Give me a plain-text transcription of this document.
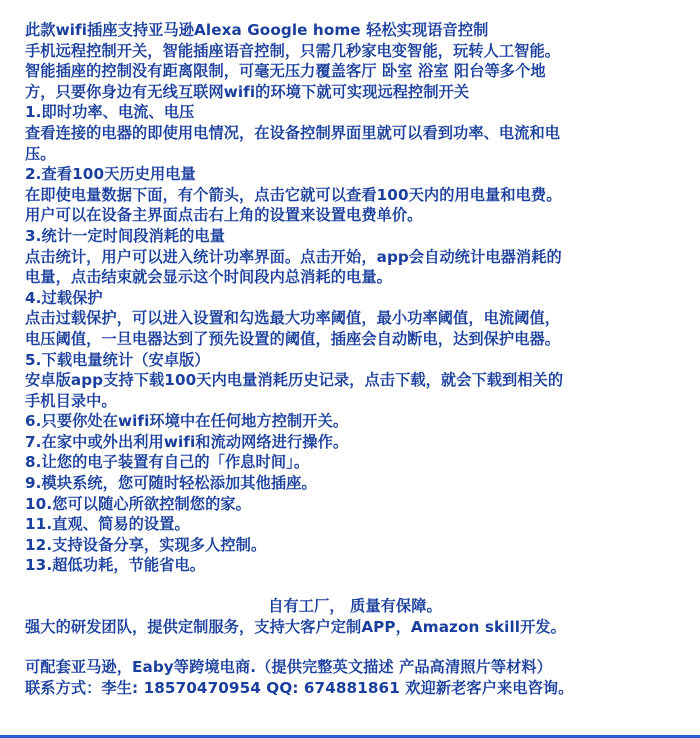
此款wifi插座支持亚马逊Alexa Google home 轻松实现语音控制
手机远程控制开关，智能插座语音控制，只需几秒家电变智能，玩转人工智能。
智能插座的控制没有距离限制，可毫无压力覆盖客厅 卧室 浴室 阳台等多个地
方，只要你身边有无线互联网wifi的环境下就可实现远程控制开关
1.即时功率、电流、电压
查看连接的电器的即使用电情况，在设备控制界面里就可以看到功率、电流和电
压。
2.查看100天历史用电量
在即使电量数据下面，有个箭头，点击它就可以查看100天内的用电量和电费。
用户可以在设备主界面点击右上角的设置来设置电费单价。
3.统计一定时间段消耗的电量
点击统计，用户可以进入统计功率界面。点击开始，app会自动统计电器消耗的
电量，点击结束就会显示这个时间段内总消耗的电量。
4.过载保护
点击过载保护，可以进入设置和勾选最大功率阈值，最小功率阈值，电流阈值，
电压阈值，一旦电器达到了预先设置的阈值，插座会自动断电，达到保护电器。
5.下载电量统计（安卓版）
安卓版app支持下载100天内电量消耗历史记录，点击下载，就会下载到相关的
手机目录中。
6.只要你处在wifi环境中在任何地方控制开关。
7.在家中或外出利用wifi和流动网络进行操作。
8.让您的电子装置有自己的「作息时间」。
9.模块系统，您可随时轻松添加其他插座。
10.您可以随心所欲控制您的家。
11.直观、简易的设置。
12.支持设备分享，实现多人控制。
13.超低功耗，节能省电。
自有工厂， 质量有保障。
强大的研发团队，提供定制服务，支持大客户定制APP，Amazon skill开发。
可配套亚马逊，Eaby等跨境电商.（提供完整英文描述 产品高清照片等材料）
联系方式：李生: 18570470954 QQ: 674881861 欢迎新老客户来电咨询。
